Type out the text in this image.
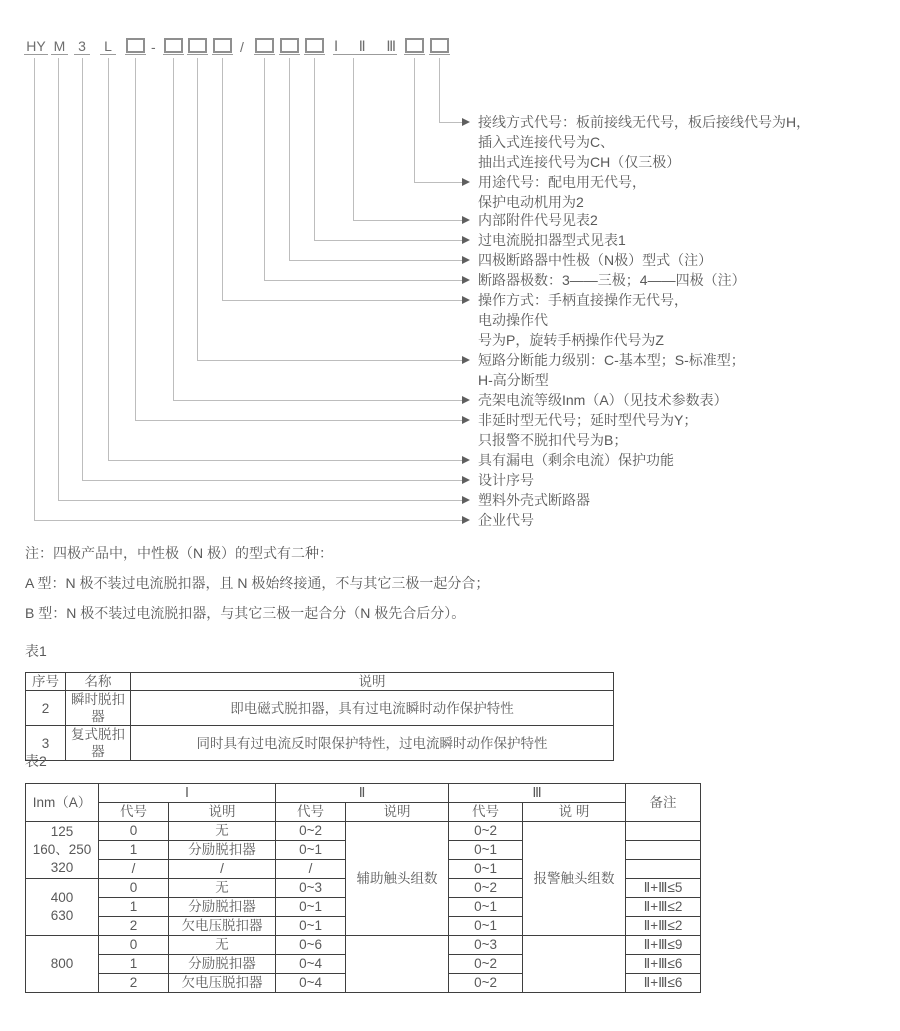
HY M 3 L	Ⅰ Ⅱ Ⅲ
-	/
接线方式代号：板前接线无代号，板后接线代号为H，
插入式连接代号为C、
抽出式连接代号为CH（仅三极）
用途代号：配电用无代号，
保护电动机用为2
内部附件代号见表2
过电流脱扣器型式见表1
四极断路器中性极（N极）型式（注）
断路器极数：3——三极；4——四极（注）
操作方式：手柄直接操作无代号，
电动操作代
号为P，旋转手柄操作代号为Z
短路分断能力级别：C-基本型；S-标准型；
H-高分断型
壳架电流等级Inm（A）（见技术参数表）
非延时型无代号；延时型代号为Y；
只报警不脱扣代号为B；
具有漏电（剩余电流）保护功能
设计序号
塑料外壳式断路器
企业代号

注：四极产品中，中性极（N 极）的型式有二种：

A 型：N 极不装过电流脱扣器，且 N 极始终接通，不与其它三极一起分合；

B 型：N 极不装过电流脱扣器，与其它三极一起合分（N 极先合后分）。

表1
序号	名称	说明
2	瞬时脱扣器	即电磁式脱扣器，具有过电流瞬时动作保护特性
3	复式脱扣器	同时具有过电流反时限保护特性，过电流瞬时动作保护特性
表2
Inm（A）	Ⅰ		Ⅱ		Ⅲ		备注
	代号	说明	代号	说明	代号	说 明	
125
160、250
320	0	无	0~2	辅助触头组数	0~2	报警触头组数	
	1	分励脱扣器	0~1		0~1		
	/	/	/		0~1		
400
630	0	无	0~3		0~2		Ⅱ+Ⅲ≤5
	1	分励脱扣器	0~1		0~1		Ⅱ+Ⅲ≤2
	2	欠电压脱扣器	0~1		0~1		Ⅱ+Ⅲ≤2
800	0	无	0~6		0~3		Ⅱ+Ⅲ≤9
	1	分励脱扣器	0~4		0~2		Ⅱ+Ⅲ≤6
	2	欠电压脱扣器	0~4		0~2		Ⅱ+Ⅲ≤6
